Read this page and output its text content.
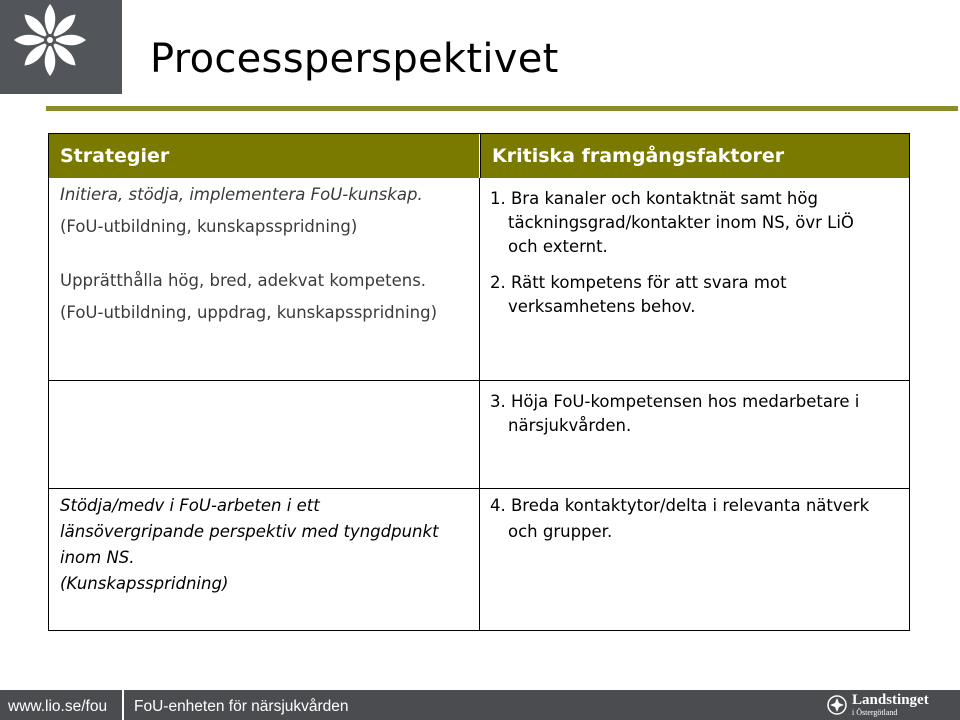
Processperspektivet
Strategier	Kritiska framgångsfaktorer
Initiera, stödja, implementera FoU-kunskap.
(FoU-utbildning, kunskapsspridning)
Upprätthålla hög, bred, adekvat kompetens.
(FoU-utbildning, uppdrag, kunskapsspridning)
1. Bra kanaler och kontaktnät samt hög
täckningsgrad/kontakter inom NS, övr LiÖ
och externt.
2. Rätt kompetens för att svara mot
verksamhetens behov.
3. Höja FoU-kompetensen hos medarbetare i
närsjukvården.
Stödja/medv i FoU-arbeten i ett
länsövergripande perspektiv med tyngdpunkt
inom NS.
(Kunskapsspridning)
4. Breda kontaktytor/delta i relevanta nätverk
och grupper.
www.lio.se/fou FoU-enheten för närsjukvården	Landstinget
i Östergötland
